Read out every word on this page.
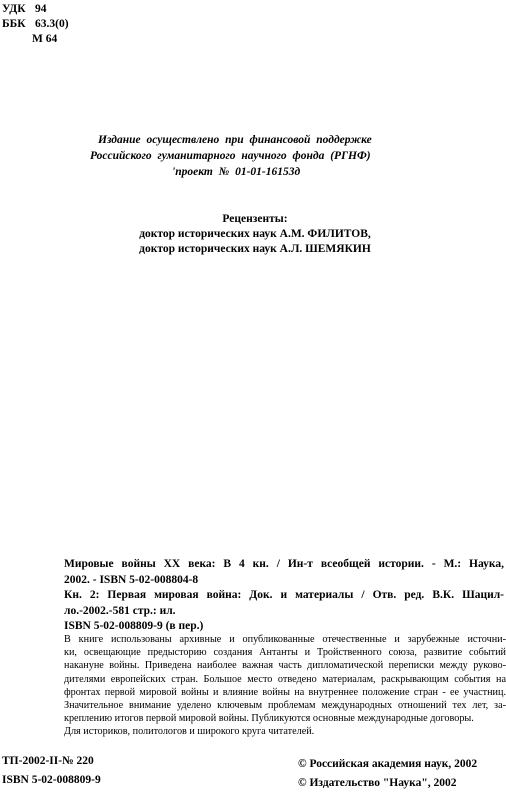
УДК 94
ББК 63.3(0)
М 64
Издание осуществлено при финансовой поддержке
Российского гуманитарного научного фонда (РГНФ)
'проект № 01-01-16153д
Рецензенты:
доктор исторических наук А.М. ФИЛИТОВ,
доктор исторических наук А.Л. ШЕМЯКИН
Мировые войны XX века: В 4 кн. / Ин-т всеобщей истории. - М.: Наука,
2002. - ISBN 5-02-008804-8
Кн. 2: Первая мировая война: Док. и материалы / Отв. ред. В.К. Шацил-
ло.-2002.-581 стр.: ил.
ISBN 5-02-008809-9 (в пер.)
В книге использованы архивные и опубликованные отечественные и зарубежные источни-
ки, освещающие предысторию создания Антанты и Тройственного союза, развитие событий
накануне войны. Приведена наиболее важная часть дипломатической переписки между руково-
дителями европейских стран. Большое место отведено материалам, раскрывающим события на
фронтах первой мировой войны и влияние войны на внутреннее положение стран - ее участниц.
Значительное внимание уделено ключевым проблемам международных отношений тех лет, за-
креплению итогов первой мировой войны. Публикуются основные международные договоры.
Для историков, политологов и широкого круга читателей.
ТП-2002-II-№ 220
ISBN 5-02-008809-9
© Российская академия наук, 2002
© Издательство "Наука", 2002
